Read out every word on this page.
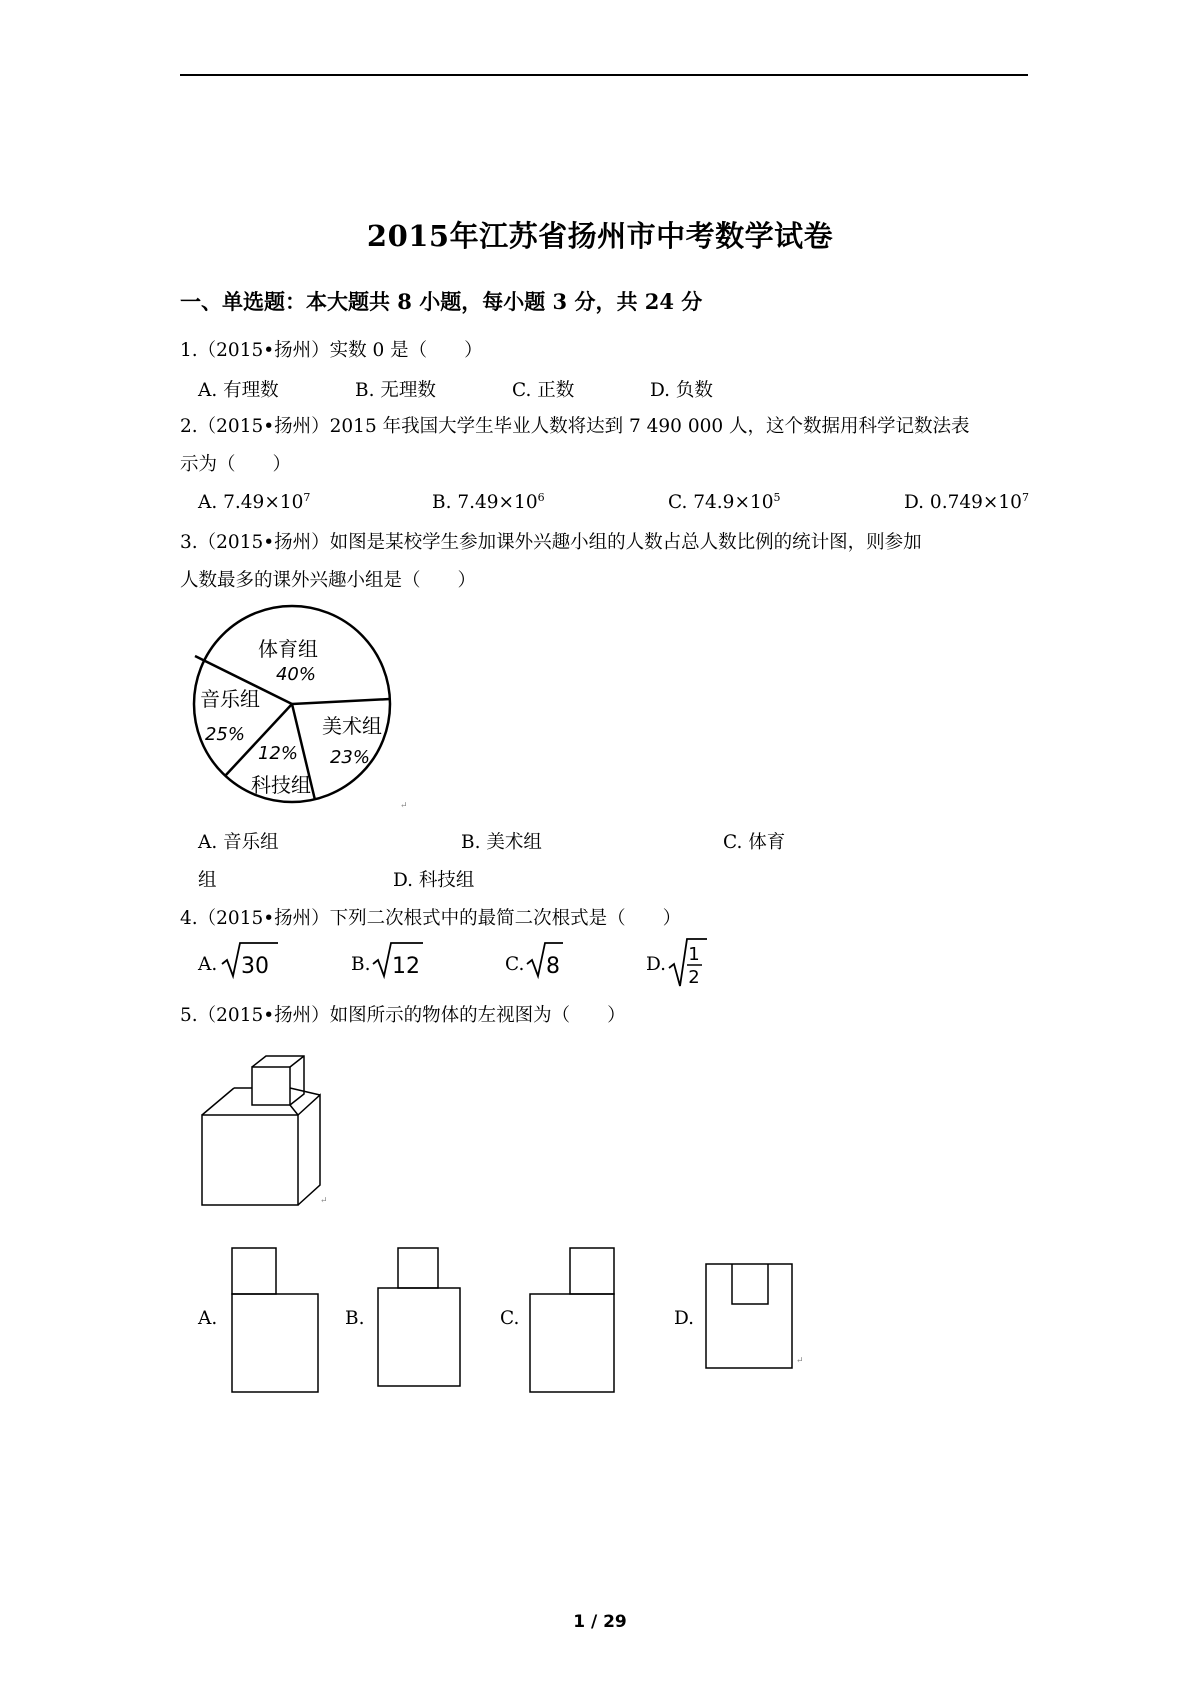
2015年江苏省扬州市中考数学试卷
一、单选题：本大题共 8 小题，每小题 3 分，共 24 分
1.（2015•扬州）实数 0 是（　　）
A. 有理数	B. 无理数	C. 正数	D. 负数
2.（2015•扬州）2015 年我国大学生毕业人数将达到 7 490 000 人，这个数据用科学记数法表
示为（　　）
A. $7.49\times 10^7$	B. $7.49\times 10^6$	C. $74.9\times 10^5$	D. $0.749\times 10^7$
3.（2015•扬州）如图是某校学生参加课外兴趣小组的人数占总人数比例的统计图，则参加
人数最多的课外兴趣小组是（　　）
体育组
40%
美术组
23%
科技组
12%
音乐组
25%
↵
A. 音乐组	B. 美术组	C. 体育
组	D. 科技组
4.（2015•扬州）下列二次根式中的最简二次根式是（　　）
A. 30	B. 12	C. 8	D. 1
2
5.（2015•扬州）如图所示的物体的左视图为（　　）
↵
A.	B.	C.	D.
↵
1 / 29
